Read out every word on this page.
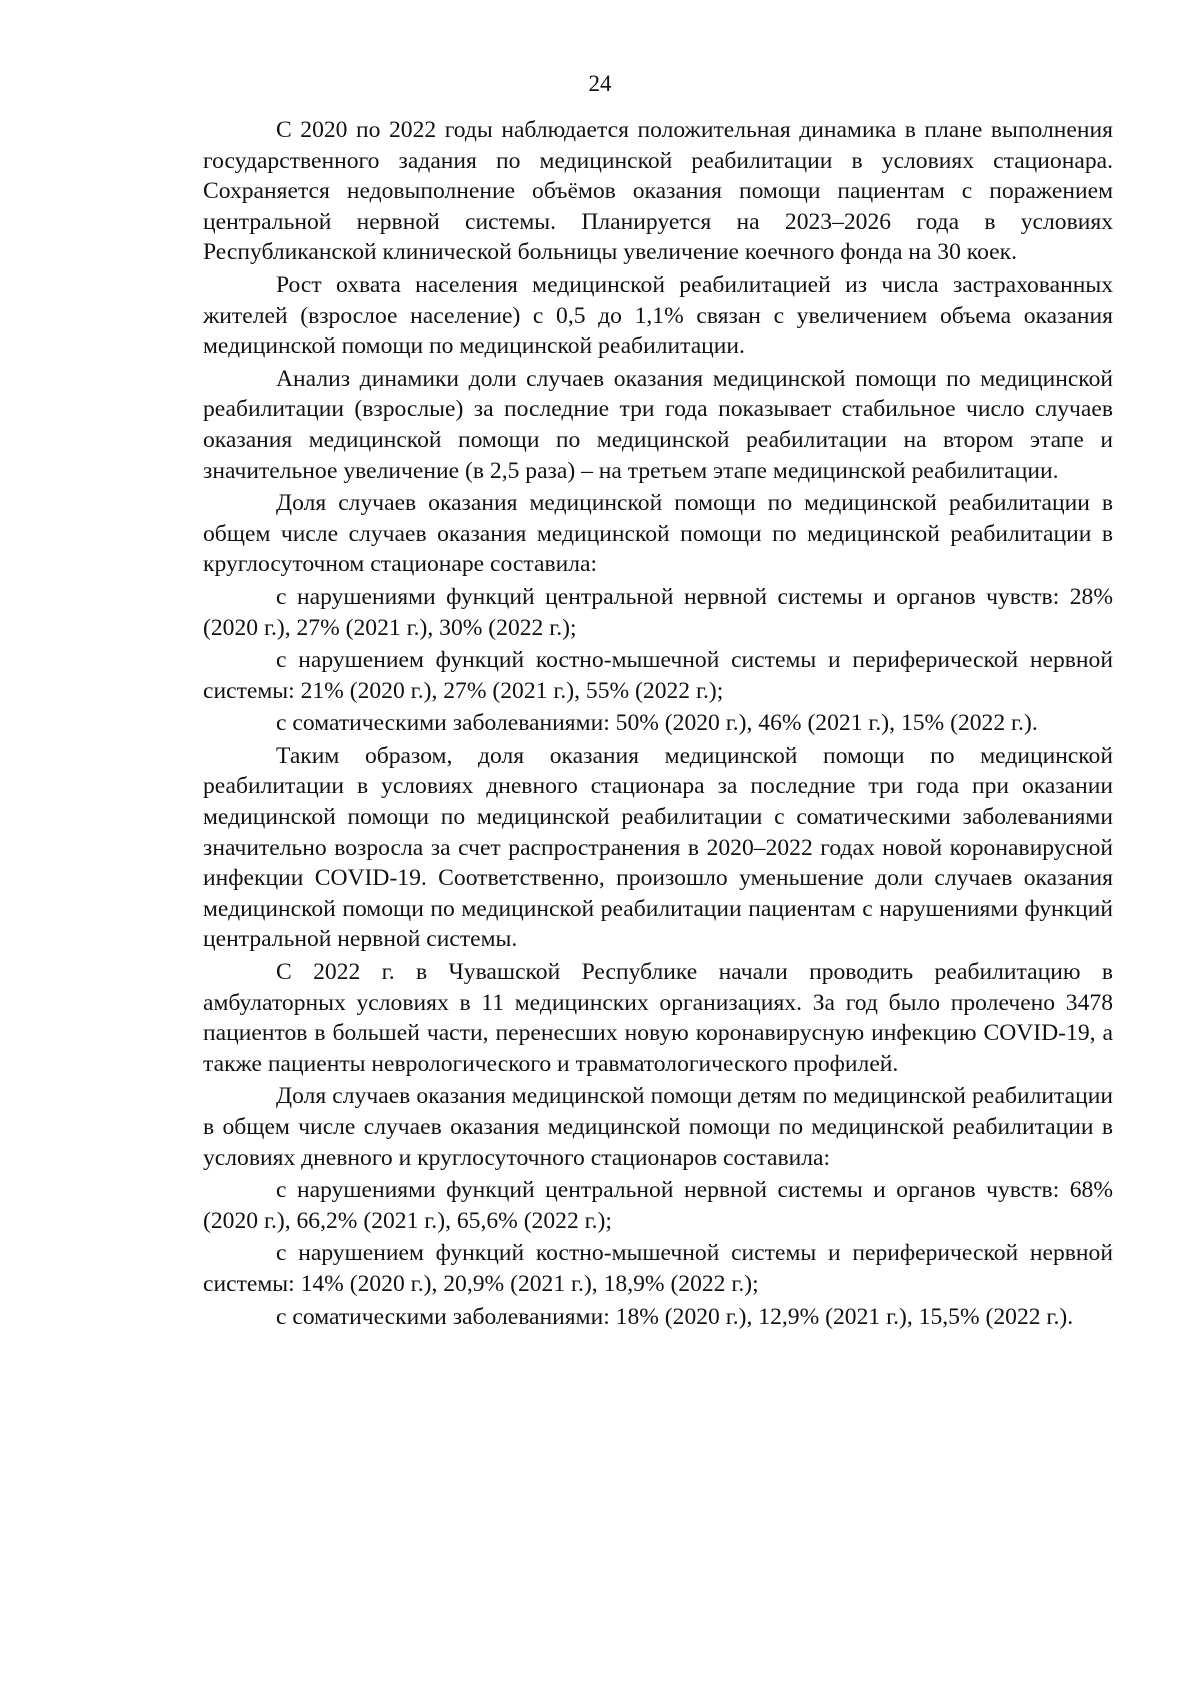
24

С 2020 по 2022 годы наблюдается положительная динамика в плане выполнения государственного задания по медицинской реабилитации в условиях стационара. Сохраняется недовыполнение объёмов оказания помощи пациентам с поражением центральной нервной системы. Планируется на 2023–2026 года в условиях Республиканской клинической больницы увеличение коечного фонда на 30 коек.

Рост охвата населения медицинской реабилитацией из числа застрахованных жителей (взрослое население) с 0,5 до 1,1% связан с увеличением объема оказания медицинской помощи по медицинской реабилитации.

Анализ динамики доли случаев оказания медицинской помощи по медицинской реабилитации (взрослые) за последние три года показывает стабильное число случаев оказания медицинской помощи по медицинской реабилитации на втором этапе и значительное увеличение (в 2,5 раза) – на третьем этапе медицинской реабилитации.

Доля случаев оказания медицинской помощи по медицинской реабилитации в общем числе случаев оказания медицинской помощи по медицинской реабилитации в круглосуточном стационаре составила:

с нарушениями функций центральной нервной системы и органов чувств: 28% (2020 г.), 27% (2021 г.), 30% (2022 г.);

с нарушением функций костно-мышечной системы и периферической нервной системы: 21% (2020 г.), 27% (2021 г.), 55% (2022 г.);

с соматическими заболеваниями: 50% (2020 г.), 46% (2021 г.), 15% (2022 г.).

Таким образом, доля оказания медицинской помощи по медицинской реабилитации в условиях дневного стационара за последние три года при оказании медицинской помощи по медицинской реабилитации с соматическими заболеваниями значительно возросла за счет распространения в 2020–2022 годах новой коронавирусной инфекции COVID-19. Соответственно, произошло уменьшение доли случаев оказания медицинской помощи по медицинской реабилитации пациентам с нарушениями функций центральной нервной системы.

С 2022 г. в Чувашской Республике начали проводить реабилитацию в амбулаторных условиях в 11 медицинских организациях. За год было пролечено 3478 пациентов в большей части, перенесших новую коронавирусную инфекцию COVID-19, а также пациенты неврологического и травматологического профилей.

Доля случаев оказания медицинской помощи детям по медицинской реабилитации в общем числе случаев оказания медицинской помощи по медицинской реабилитации в условиях дневного и круглосуточного стационаров составила:

с нарушениями функций центральной нервной системы и органов чувств: 68% (2020 г.), 66,2% (2021 г.), 65,6% (2022 г.);

с нарушением функций костно-мышечной системы и периферической нервной системы: 14% (2020 г.), 20,9% (2021 г.), 18,9% (2022 г.);

с соматическими заболеваниями: 18% (2020 г.), 12,9% (2021 г.), 15,5% (2022 г.).
